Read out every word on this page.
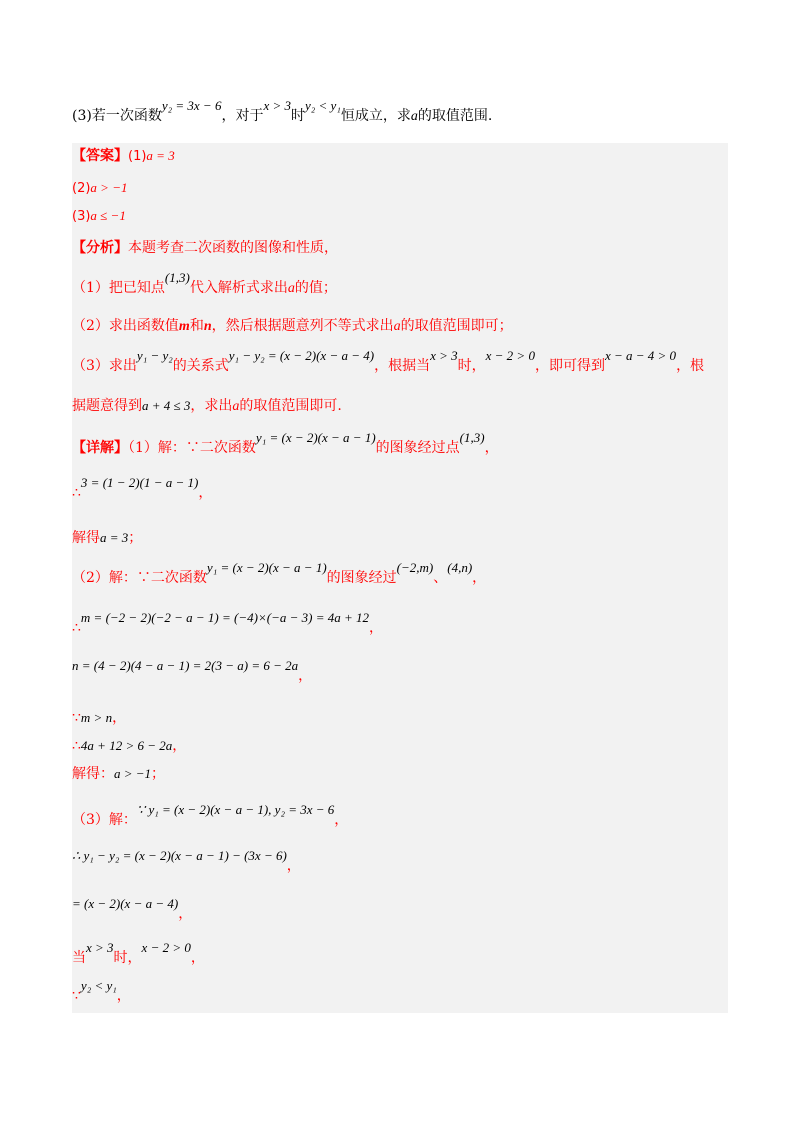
(3)若一次函数y₂ = 3x − 6，对于x > 3时y₂ < y₁恒成立，求a的取值范围.
【答案】(1)a = 3
(2)a > −1
(3)a ≤ −1
【分析】本题考查二次函数的图像和性质，
（1）把已知点(1,3)代入解析式求出a的值；
（2）求出函数值m和n，然后根据题意列不等式求出a的取值范围即可；
（3）求出y₁ − y₂的关系式y₁ − y₂ = (x − 2)(x − a − 4)，根据当x > 3时，x − 2 > 0，即可得到x − a − 4 > 0，根
据题意得到a + 4 ≤ 3，求出a的取值范围即可.
【详解】（1）解：∵二次函数y₁ = (x − 2)(x − a − 1)的图象经过点(1,3)，
∴3 = (1 − 2)(1 − a − 1)，
解得a = 3；
（2）解：∵二次函数y₁ = (x − 2)(x − a − 1)的图象经过(−2,m)、(4,n)，
∴m = (−2 − 2)(−2 − a − 1) = (−4)×(−a − 3) = 4a + 12，
n = (4 − 2)(4 − a − 1) = 2(3 − a) = 6 − 2a，
∵m > n，
∴4a + 12 > 6 − 2a，
解得：a > −1；
（3）解：∵ y₁ = (x − 2)(x − a − 1), y₂ = 3x − 6，
∴ y₁ − y₂ = (x − 2)(x − a − 1) − (3x − 6)，
= (x − 2)(x − a − 4)，
当x > 3时，x − 2 > 0，
∵y₂ < y₁，
